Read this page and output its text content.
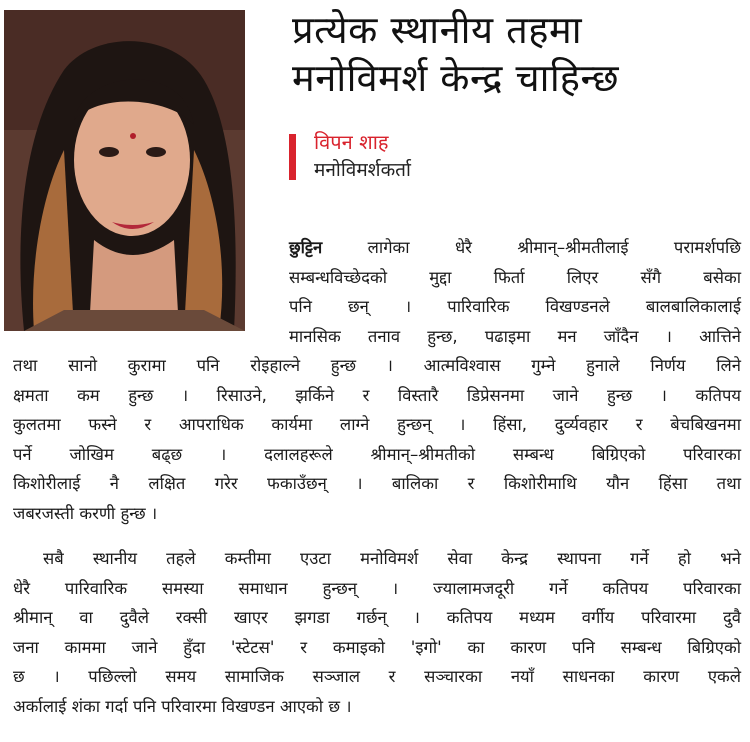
प्रत्येक स्थानीय तहमा
मनोविमर्श केन्द्र चाहिन्छ
विपन शाह
मनोविमर्शकर्ता
छुट्टिन लागेका धेरै श्रीमान्–श्रीमतीलाई परामर्शपछि
सम्बन्धविच्छेदको मुद्दा फिर्ता लिएर सँगै बसेका
पनि छन् । पारिवारिक विखण्डनले बालबालिकालाई
मानसिक तनाव हुन्छ, पढाइमा मन जाँदैन । आत्तिने
तथा सानो कुरामा पनि रोइहाल्ने हुन्छ । आत्मविश्वास गुम्ने हुनाले निर्णय लिने
क्षमता कम हुन्छ । रिसाउने, झर्किने र विस्तारै डिप्रेसनमा जाने हुन्छ । कतिपय
कुलतमा फस्ने र आपराधिक कार्यमा लाग्ने हुन्छन् । हिंसा, दुर्व्यवहार र बेचबिखनमा
पर्ने जोखिम बढ्छ । दलालहरूले श्रीमान्–श्रीमतीको सम्बन्ध बिग्रिएको परिवारका
किशोरीलाई नै लक्षित गरेर फकाउँछन् । बालिका र किशोरीमाथि यौन हिंसा तथा
जबरजस्ती करणी हुन्छ ।
सबै स्थानीय तहले कम्तीमा एउटा मनोविमर्श सेवा केन्द्र स्थापना गर्ने हो भने
धेरै पारिवारिक समस्या समाधान हुन्छन् । ज्यालामजदूरी गर्ने कतिपय परिवारका
श्रीमान् वा दुवैले रक्सी खाएर झगडा गर्छन् । कतिपय मध्यम वर्गीय परिवारमा दुवै
जना काममा जाने हुँदा 'स्टेटस' र कमाइको 'इगो' का कारण पनि सम्बन्ध बिग्रिएको
छ । पछिल्लो समय सामाजिक सञ्जाल र सञ्चारका नयाँ साधनका कारण एकले
अर्कालाई शंका गर्दा पनि परिवारमा विखण्डन आएको छ ।
